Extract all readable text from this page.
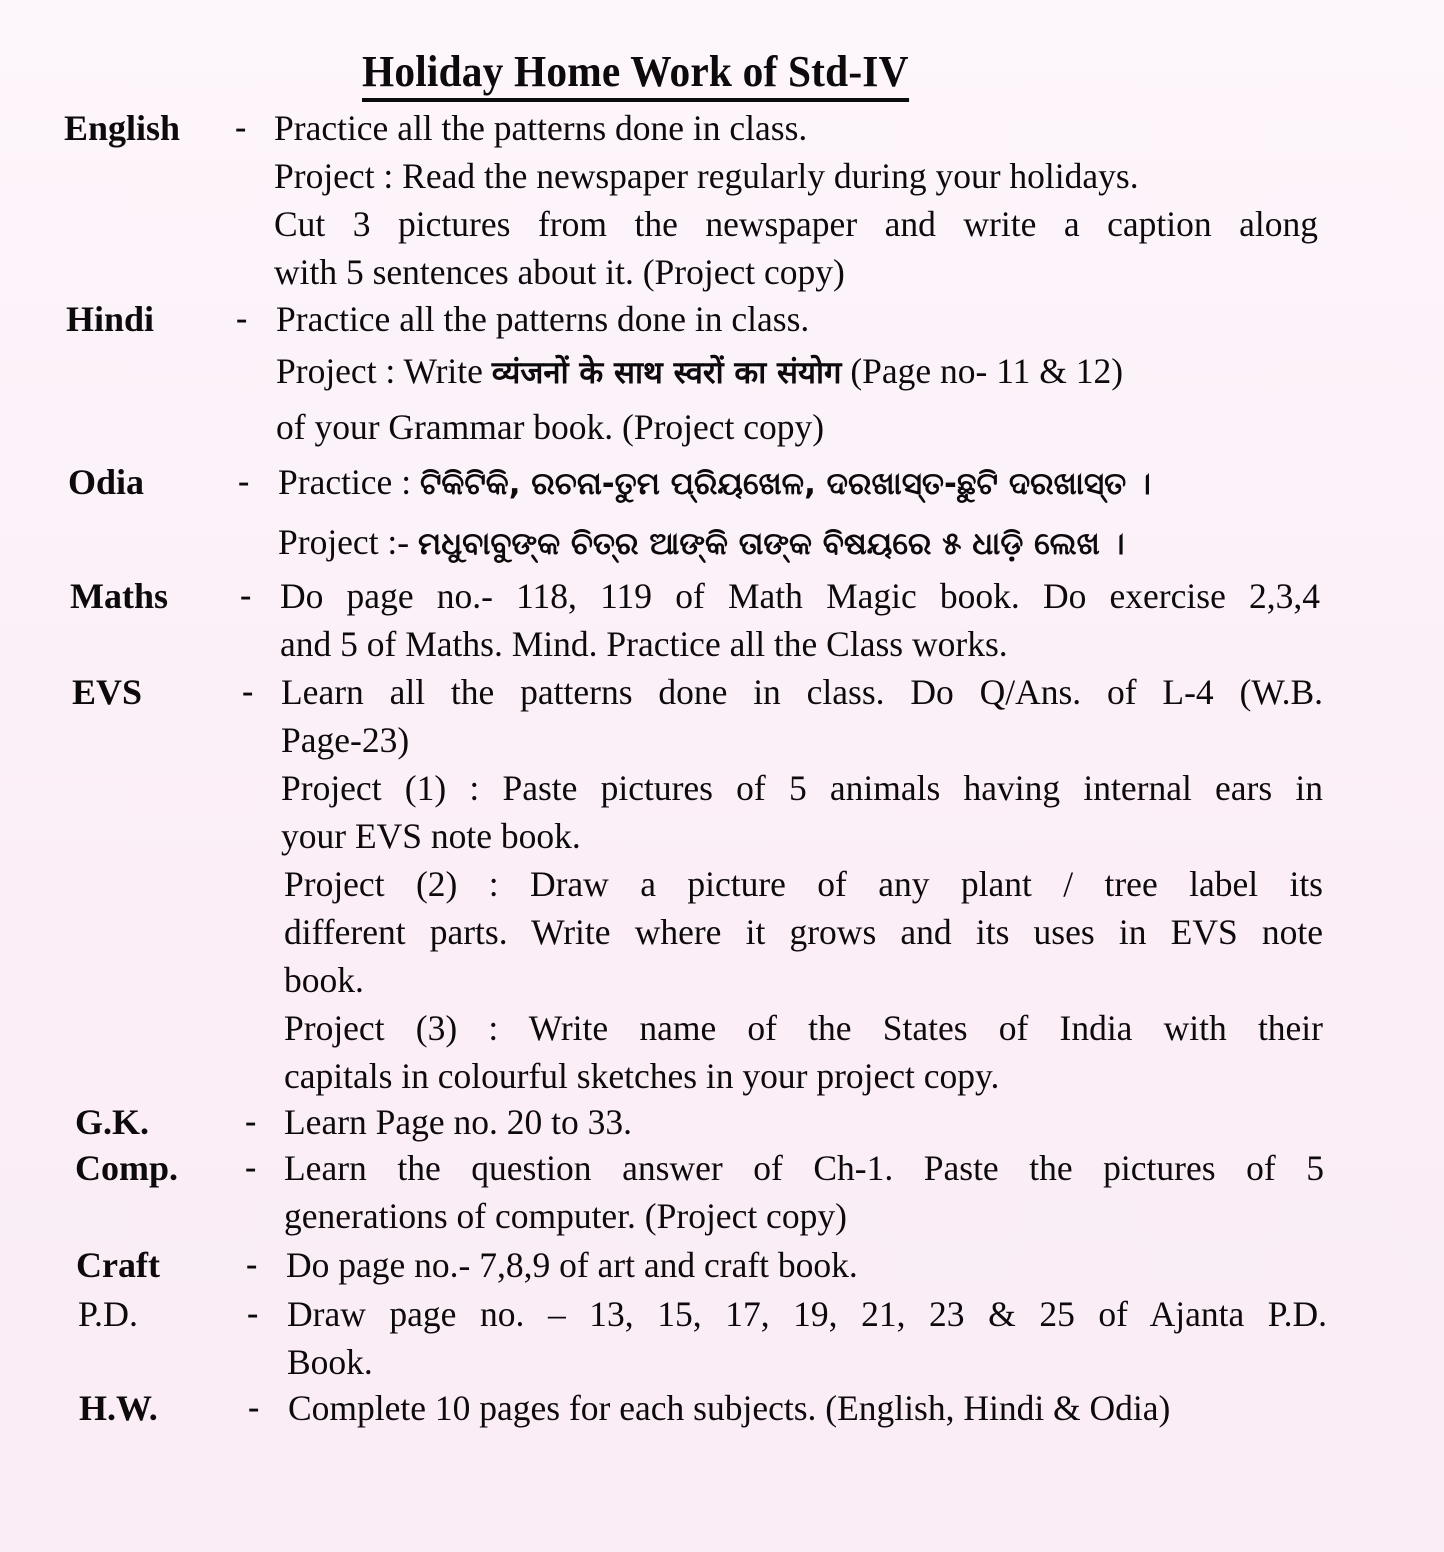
Holiday Home Work of Std-IV
English - Practice all the patterns done in class.
Project : Read the newspaper regularly during your holidays.
Cut 3 pictures from the newspaper and write a caption along
with 5 sentences about it. (Project copy)
Hindi - Practice all the patterns done in class.
Project : Write व्यंजनों के साथ स्वरों का संयोग (Page no- 11 & 12)
of your Grammar book. (Project copy)
Odia	- Practice : ଟିକିଟିକି, ରଚନା-ତୁମ ପ୍ରିୟଖେଳ, ଦରଖାସ୍ତ-ଛୁଟି ଦରଖାସ୍ତ ।
Project :- ମଧୁବାବୁଙ୍କ ଚିତ୍ର ଆଙ୍କି ତାଙ୍କ ବିଷୟରେ ୫ ଧାଡ଼ି ଲେଖ ।
Maths - Do page no.- 118, 119 of Math Magic book. Do exercise 2,3,4
and 5 of Maths. Mind. Practice all the Class works.
EVS	- Learn all the patterns done in class. Do Q/Ans. of L-4 (W.B.
Page-23)
Project (1) : Paste pictures of 5 animals having internal ears in
your EVS note book.
Project (2) : Draw a picture of any plant / tree label its
different parts. Write where it grows and its uses in EVS note
book.
Project (3) : Write name of the States of India with their
capitals in colourful sketches in your project copy.
G.K.	- Learn Page no. 20 to 33.
Comp. - Learn the question answer of Ch-1. Paste the pictures of 5
generations of computer. (Project copy)
Craft	- Do page no.- 7,8,9 of art and craft book.
P.D.	- Draw page no. – 13, 15, 17, 19, 21, 23 & 25 of Ajanta P.D.
Book.
H.W.	- Complete 10 pages for each subjects. (English, Hindi & Odia)
